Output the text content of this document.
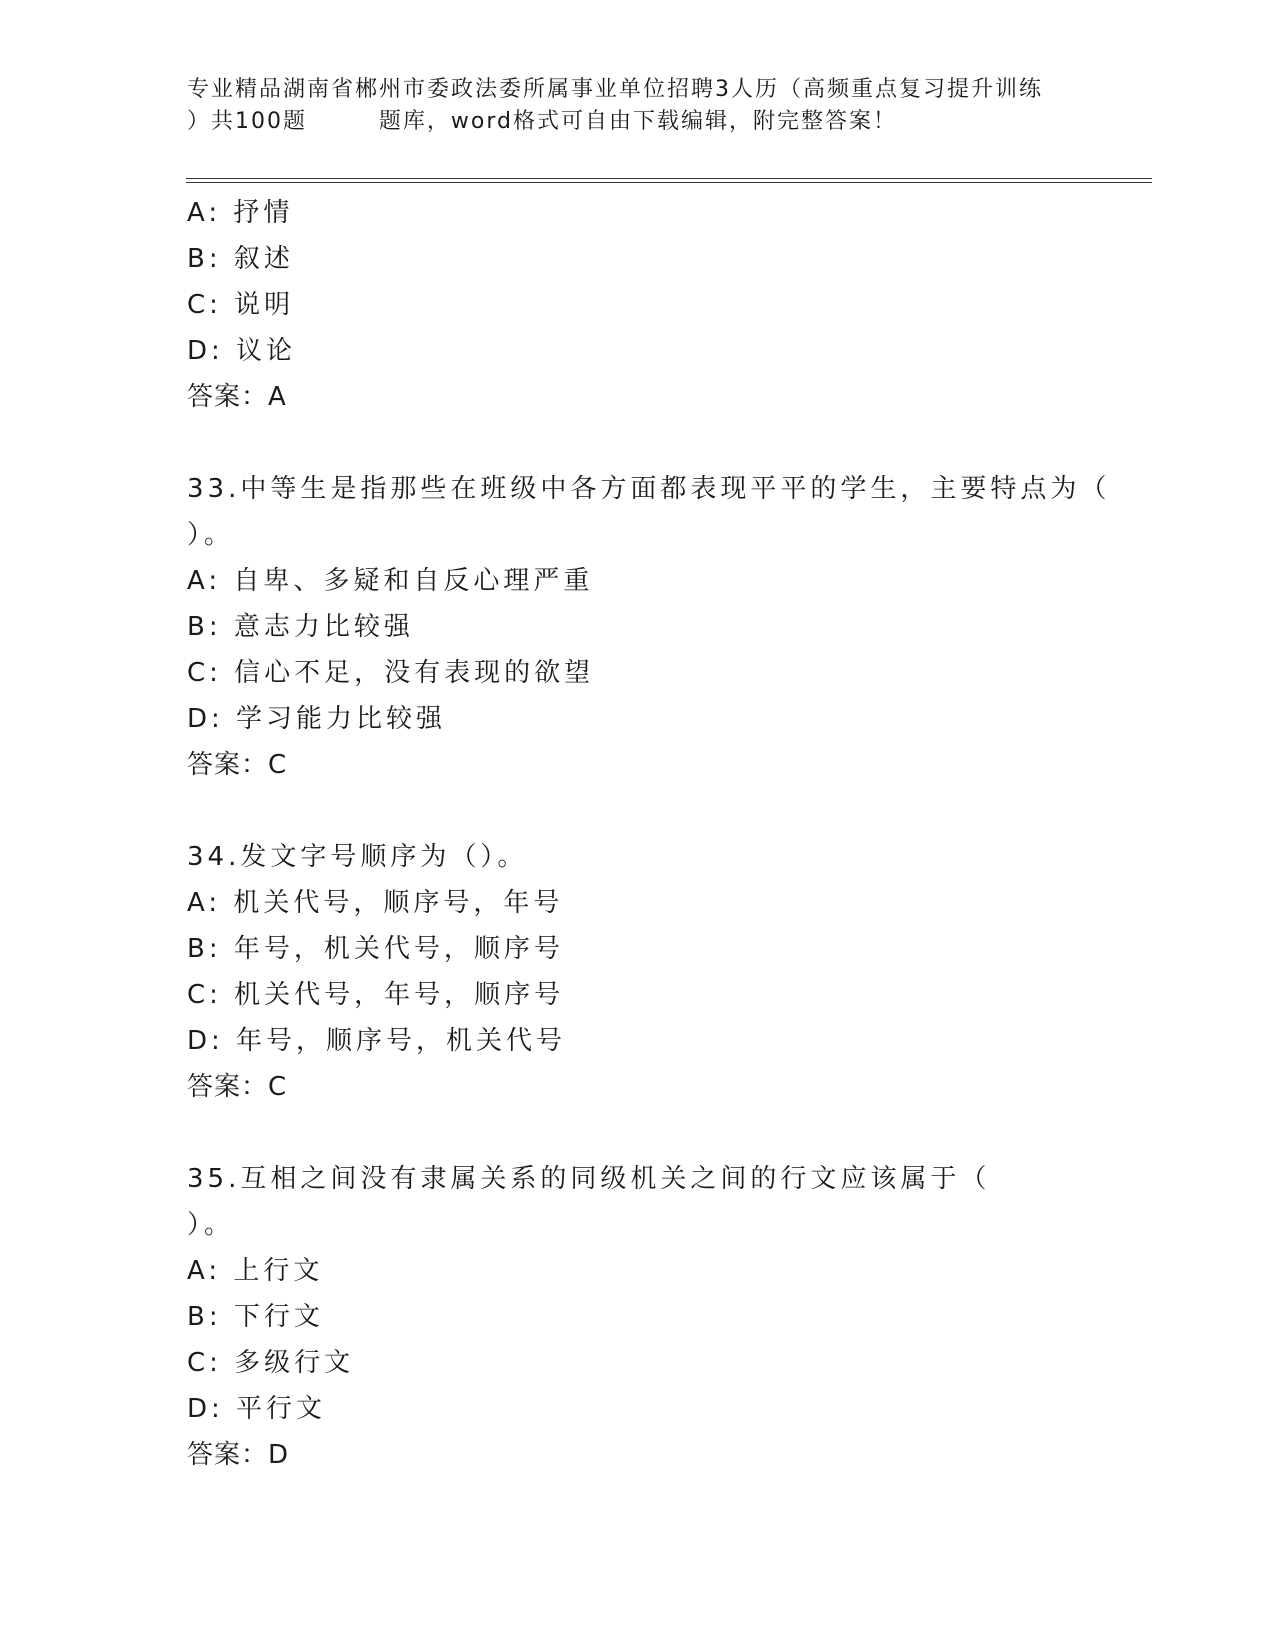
专业精品湖南省郴州市委政法委所属事业单位招聘3人历（高频重点复习提升训练
）共100题        题库，word格式可自由下载编辑，附完整答案！
A: 抒情
B: 叙述
C: 说明
D: 议论
答案：A
33.中等生是指那些在班级中各方面都表现平平的学生，主要特点为（
）。
A: 自卑、多疑和自反心理严重
B: 意志力比较强
C: 信心不足，没有表现的欲望
D: 学习能力比较强
答案：C
34.发文字号顺序为（）。
A: 机关代号，顺序号，年号
B: 年号，机关代号，顺序号
C: 机关代号，年号，顺序号
D: 年号，顺序号，机关代号
答案：C
35.互相之间没有隶属关系的同级机关之间的行文应该属于（
）。
A: 上行文
B: 下行文
C: 多级行文
D: 平行文
答案：D
